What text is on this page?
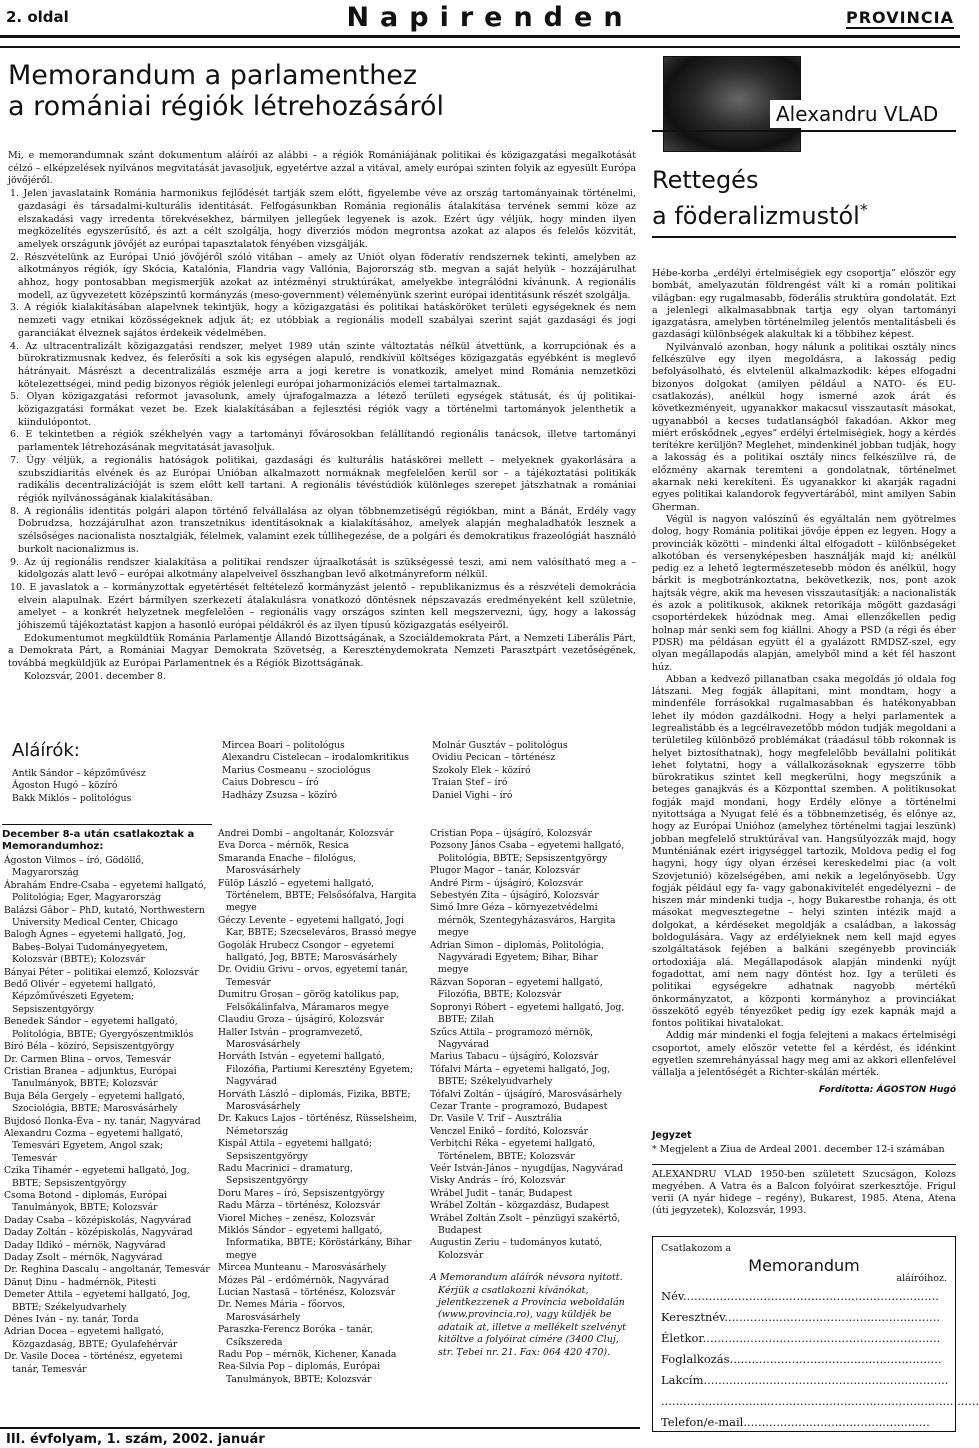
2. oldal	Napirenden	PROVINCIA
Memorandum a parlamenthez
a romániai régiók létrehozásáról	Alexandru VLAD

Mi, e memorandumnak szánt dokumentum aláírói az alábbi – a régiók Romániájának politikai és közigazgatási megalkotását célzó – elképzelések nyilvános megvitatását javasoljuk, egyetértve azzal a vitával, amely európai szinten folyik az egyesült Európa jövőjéről.

1. Jelen javaslataink Románia harmonikus fejlődését tartják szem előtt, figyelembe véve az ország tartományainak történelmi, gazdasági és társadalmi-kulturális identitását. Felfogásunkban Románia regionális átalakítása tervének semmi köze az elszakadási vagy irredenta törekvésekhez, bármilyen jellegűek legyenek is azok. Ezért úgy véljük, hogy minden ilyen megközelítés egyszerűsítő, és azt a célt szolgálja, hogy diverziós módon megrontsa azokat az alapos és felelős közvitát, amelyek országunk jövőjét az európai tapasztalatok fényében vizsgálják.

2. Részvételünk az Európai Unió jövőjéről szóló vitában – amely az Uniót olyan föderatív rendszernek tekinti, amelyben az alkotmányos régiók, így Skócia, Katalónia, Flandria vagy Vallónia, Bajorország stb. megvan a saját helyük – hozzájárulhat ahhoz, hogy pontosabban megismerjük azokat az intézményi struktúrákat, amelyekbe integrálódni kívánunk. A regionális modell, az ügyvezetett középszintű kormányzás (meso-government) véleményünk szerint európai identitásunk részét szolgálja.

3. A régiók kialakításában alapelvnek tekintjük, hogy a közigazgatási és politikai hatásköröket területi egységeknek és nem nemzeti vagy etnikai közösségeknek adjuk át; ez utóbbiak a regionális modell szabályai szerint saját gazdasági és jogi garanciákat élveznek sajátos érdekeik védelmében.

4. Az ultracentralizált közigazgatási rendszer, melyet 1989 után szinte változtatás nélkül átvettünk, a korrupciónak és a bürokratizmusnak kedvez, és felerősíti a sok kis egységen alapuló, rendkívül költséges közigazgatás egyébként is meglevő hátrányait. Másrészt a decentralizálás eszméje arra a jogi keretre is vonatkozik, amelyet mind Románia nemzetközi kötelezettségei, mind pedig bizonyos régiók jelenlegi európai joharmonizációs elemei tartalmaznak.

5. Olyan közigazgatási reformot javasolunk, amely újrafogalmazza a létező területi egységek státusát, és új politikai-közigazgatási formákat vezet be. Ezek kialakításában a fejlesztési régiók vagy a történelmi tartományok jelenthetik a kiindulópontot.

6. E tekintetben a régiók székhelyén vagy a tartományi fővárosokban felállítandó regionális tanácsok, illetve tartományi parlamentek létrehozásának megvitatását javasoljuk.

7. Úgy véljük, a regionális hatóságok politikai, gazdasági és kulturális hatáskörei mellett – melyeknek gyakorlására a szubszidiaritás elvének és az Európai Unióban alkalmazott normáknak megfelelően kerül sor – a tájékoztatási politikák radikális decentralizációját is szem előtt kell tartani. A regionális tévéstúdiók különleges szerepet játszhatnak a romániai régiók nyilvánosságának kialakításában.

8. A regionális identitás polgári alapon történő felvállalása az olyan többnemzetiségű régiókban, mint a Bánát, Erdély vagy Dobrudzsa, hozzájárulhat azon transzetnikus identitásoknak a kialakításához, amelyek alapján meghaladhatók lesznek a szélsőséges nacionalista nosztalgiák, félelmek, valamint ezek túllihegezése, de a polgári és demokratikus frazeológiát használó burkolt nacionalizmus is.

9. Az új regionális rendszer kialakítása a politikai rendszer újraalkotását is szükségessé teszi, ami nem valósítható meg a – kidolgozás alatt levő – európai alkotmány alapelveivel összhangban levő alkotmányreform nélkül.

10. E javaslatok a – kormányzottak egyetértését feltételező kormányzást jelentő – republikanizmus és a részvételi demokrácia elvein alapulnak. Ezért bármilyen szerkezeti átalakulásra vonatkozó döntésnek népszavazás eredményeként kell születnie, amelyet – a konkrét helyzetnek megfelelően – regionális vagy országos szinten kell megszervezni, úgy, hogy a lakosság jóhiszemű tájékoztatást kapjon a hasonló európai példákról és az ilyen típusú közigazgatás esélyeiről.

Edokumentumot megküldtük Románia Parlamentje Állandó Bizottságának, a Szociáldemokrata Párt, a Nemzeti Liberális Párt, a Demokrata Párt, a Romániai Magyar Demokrata Szövetség, a Kereszténydemokrata Nemzeti Parasztpárt vezetőségének, továbbá megküldjük az Európai Parlamentnek és a Régiók Bizottságának.

Kolozsvár, 2001. december 8.

Rettegés
a föderalizmustól*

Hébe-korba „erdélyi értelmiségiek egy csoportja” először egy bombát, amelyazután földrengést vált ki a román politikai világban: egy rugalmasabb, föderális struktúra gondolatát. Ezt a jelenlegi alkalmasabbnak tartja egy olyan tartományi igazgatásra, amelyben történelmileg jelentős mentalitásbeli és gazdasági különbségek alakultak ki a többihez képest.

Nyilvánvaló azonban, hogy nálunk a politikai osztály nincs felkészülve egy ilyen megoldásra, a lakosság pedig befolyásolható, és elvtelenül alkalmazkodik: képes elfogadni bizonyos dolgokat (amilyen például a NATO- és EU-csatlakozás), anélkül hogy ismerné azok árát és következményeit, ugyanakkor makacsul visszautasít másokat, ugyanabból a kecses tudatlanságból fakadóan. Akkor meg miért erőskődnek „egyes” erdélyi értelmiségiek, hogy a kérdés terítékre kerüljön? Meglehet, mindenkinél jobban tudják, hogy a lakosság és a politikai osztály nincs felkészülve rá, de előzmény akarnak teremteni a gondolatnak, történelmet akarnak neki kerekíteni. És ugyanakkor ki akarják ragadni egyes politikai kalandorok fegyvertárából, mint amilyen Sabin Gherman.

Végül is nagyon valószínű és egyáltalán nem gyötrelmes dolog, hogy Románia politikai jövője éppen ez legyen. Hogy a provinciák közötti – mindenki által elfogadott – különbségeket alkotóban és versenyképesben használják majd ki; anélkül pedig ez a lehető legtermészetesebb módon és anélkül, hogy bárkit is megbotránkoztatna, bekövetkezik, nos, pont azok hajtsák végre, akik ma hevesen visszautasítják: a nacionalisták és azok a politikusok, akiknek retorikája mögött gazdasági csoportérdekek húzódnak meg. Amai ellenzőkellen pedig holnap már senki sem fog kiállni. Ahogy a PSD (a régi és éber PDSR) ma példásan együtt él a gyalázott RMDSZ-szel, egy olyan megállapodás alapján, amelyből mind a két fél haszont húz.

Abban a kedvező pillanatban csaka megoldás jó oldala fog látszani. Meg fogják állapítani, mint mondtam, hogy a mindenféle forrásokkal rugalmasabban és hatékonyabban lehet ily módon gazdálkodni. Hogy a helyi parlamentek a legrealistább és a legcélravezetőbb módon tudják megoldani a területileg különböző problémákat (ráadásul több rokonnak is helyet biztosíthatnak), hogy megfelelőbb bevállalni politikát lehet folytatni, hogy a vállalkozásoknak egyszerre több bürokratikus szintet kell megkerülni, hogy megszűnik a beteges ganajkvás és a Központtal szemben. A politikusokat fogják majd mondani, hogy Erdély elönye a történelmi nyitottsága a Nyugat felé és a többnemzetiség, és előnye az, hogy az Európai Unióhoz (amelyhez történelmi tagjai leszünk) jobban megfelelő struktúrával van. Hangsúlyozzák majd, hogy Munténiának ezért irigységgel tartozik, Moldova pedig el fog hagyni, hogy úgy olyan érzései kereskedelmi piac (a volt Szovjetunió) közelségében, ami nekik a legelőnyösebb. Úgy fogják például egy fa- vagy gabonakivitelét engedélyezni – de hiszen már mindenki tudja –, hogy Bukarestbe rohanja, és ott másokat megvesztegetne – helyi szinten intézik majd a dolgokat, a kérdéseket megoldják a családban, a lakosság boldogulására. Vagy az erdélyieknek nem kell majd egyes szolgáltatások fejében a balkáni szegényebb provinciák ortodoxiája alá. Megállapodások alapján mindenki nyújt fogadottat, ami nem nagy döntést hoz. Igy a területi és politikai egységekre adhatnak nagyobb mértékű önkormányzatot, a központi kormányhoz a provinciákat összekötő egyéb tényezőket pedig így ezek kapnák majd a fontos politikai hivatalokat.

Addig már mindenki el fogja felejteni a makacs értelmiségi csoportot, amely először vetette fel a kérdést, és idénkint egyetlen szemrehányással hagy meg ami az akkori ellenfelével vállalja a jelentőségét a Richter-skálán mérték.

Fordította: ÁGOSTON Hugó
Jegyzet
* Megjelent a Ziua de Ardeal 2001. december 12-i számában
ALEXANDRU VLAD 1950-ben született Szucságon, Kolozs megyében. A Vatra és a Balcon folyóirat szerkesztője. Frigul verii (A nyár hidege – regény), Bukarest, 1985. Atena, Atena (úti jegyzetek), Kolozsvár, 1993.
Csatlakozom a
Memorandum
aláíróihoz.
Név......................................................................
Keresztnév...........................................................
Életkor.................................................................
Foglalkozás..........................................................
Lakcím...................................................................
.......................................................................................
Telefon/e-mail...................................................
Aláírók:
Antik Sándor – képzőművész
Ágoston Hugó – közíró
Bakk Miklós – politológus
Mircea Boari – politológus
Alexandru Cistelecan – irodalomkritikus
Marius Cosmeanu – szociológus
Caius Dobrescu – író
Hadházy Zsuzsa – közíró
Molnár Gusztáv – politológus
Ovidiu Pecican – történész
Szokoly Elek – közíró
Traian Ștef – író
Daniel Vighi – író
December 8-a után csatlakoztak a Memorandumhoz:
Ágoston Vilmos – író, Gödöllő, Magyarország
Ábrahám Endre-Csaba – egyetemi hallgató, Politológia; Eger, Magyarország
Balázsi Gábor – PhD, kutató, Northwestern University Medical Center, Chicago
Balogh Ágnes – egyetemi hallgató, Jog, Babeș–Bolyai Tudományegyetem, Kolozsvár (BBTE); Kolozsvár
Bányai Péter – politikai elemző, Kolozsvár
Bedő Olivér – egyetemi hallgató, Képzőművészeti Egyetem; Sepsiszentgyörgy
Benedek Sándor – egyetemi hallgató, Politológia, BBTE; Gyergyószentmiklós
Bíró Béla – közíró, Sepsiszentgyörgy
Dr. Carmen Blina – orvos, Temesvár
Cristian Branea – adjunktus, Európai Tanulmányok, BBTE; Kolozsvár
Buja Béla Gergely – egyetemi hallgató, Szociológia, BBTE; Marosvásárhely
Bujdosó Ilonka-Éva – ny. tanár, Nagyvárad
Alexandru Cozma – egyetemi hallgató, Temesvári Egyetem, Angol szak; Temesvár
Czika Tihamér – egyetemi hallgató, Jog, BBTE; Sepsiszentgyörgy
Csoma Botond – diplomás, Európai Tanulmányok, BBTE; Kolozsvár
Daday Csaba – középiskolás, Nagyvárad
Daday Zoltán – középiskolás, Nagyvárad
Daday Ildikó – mérnök, Nagyvárad
Daday Zsolt – mérnök, Nagyvárad
Dr. Reghina Dascalu – angoltanár, Temesvár
Dănuț Dinu – hadmérnök, Pitești
Demeter Attila – egyetemi hallgató, Jog, BBTE; Székelyudvarhely
Dénes Iván – ny. tanár, Torda
Adrian Docea – egyetemi hallgató, Közgazdaság, BBTE; Gyulafehérvár
Dr. Vasile Docea – történész, egyetemi tanár, Temesvár
Andrei Dombi – angoltanár, Kolozsvár
Eva Dorca – mérnök, Resica
Smaranda Enache – filológus, Marosvásárhely
Fülöp László – egyetemi hallgató, Történelem, BBTE; Felsősófalva, Hargita megye
Géczy Levente – egyetemi hallgató, Jogi Kar, BBTE; Szecseleváros, Brassó megye
Gogolák Hrubecz Csongor – egyetemi hallgató, Jog, BBTE; Marosvásárhely
Dr. Ovidiu Grivu – orvos, egyetemi tanár, Temesvár
Dumitru Groșan – görög katolikus pap, Felsőkálinfalva, Máramaros megye
Claudiu Groza – újságíró, Kolozsvár
Haller István – programvezető, Marosvásárhely
Horváth István – egyetemi hallgató, Filozófia, Partiumi Keresztény Egyetem; Nagyvárad
Horváth László – diplomás, Fizika, BBTE; Marosvásárhely
Dr. Kakucs Lajos – történész, Rüsselsheim, Németország
Kispál Attila – egyetemi hallgató; Sepsiszentgyörgy
Radu Macrinici – dramaturg, Sepsiszentgyörgy
Doru Mareș – író, Sepsiszentgyörgy
Radu Mârza – történész, Kolozsvár
Viorel Micheș – zenész, Kolozsvár
Miklós Sándor – egyetemi hallgató, Informatika, BBTE; Köröstárkány, Bihar megye
Mircea Munteanu – Marosvásárhely
Mózes Pál – erdőmérnök, Nagyvárad
Lucian Nastasă – történész, Kolozsvár
Dr. Nemes Mária – főorvos, Marosvásárhely
Paraszka-Ferencz Boróka – tanár, Csíkszereda
Radu Pop – mérnök, Kichener, Kanada
Rea-Silvia Pop – diplomás, Európai Tanulmányok, BBTE; Kolozsvár
Cristian Popa – újságíró, Kolozsvár
Pozsony János Csaba – egyetemi hallgató, Politológia, BBTE; Sepsiszentgyörgy
Plugor Magor – tanár, Kolozsvár
André Pirm – újságíró, Kolozsvár
Sebestyén Zita – újságíró, Kolozsvár
Simó Imre Géza – környezetvédelmi mérnök, Szentegyházasváros, Hargita megye
Adrian Simon – diplomás, Politológia, Nagyváradi Egyetem; Bihar, Bihar megye
Răzvan Soporan – egyetemi hallgató, Filozófia, BBTE; Kolozsvár
Sopronyi Róbert – egyetemi hallgató, Jog, BBTE; Zilah
Szűcs Attila – programozó mérnök, Nagyvárad
Marius Tabacu – újságíró, Kolozsvár
Tófalvi Márta – egyetemi hallgató, Jog, BBTE; Székelyudvarhely
Tófalvi Zoltán – újságíró, Marosvásárhely
Cezar Trante – programozó, Budapest
Dr. Vasile V. Trif – Ausztrália
Venczel Enikő – fordító, Kolozsvár
Verbițchi Réka – egyetemi hallgató, Történelem, BBTE; Kolozsvár
Veér István-János – nyugdíjas, Nagyvárad
Visky András – író, Kolozsvár
Wrábel Judit – tanár, Budapest
Wrábel Zoltán – közgazdász, Budapest
Wrábel Zoltán Zsolt – pénzügyi szakértő, Budapest
Augustin Zeriu – tudományos kutató, Kolozsvár
A Memorandum aláírók névsora nyitott. Kérjük a csatlakozni kívánókat, jelentkezzenek a Provincia weboldalán (www.provincia.ro), vagy küldjék be adataik at, illetve a mellékelt szelvényt kitöltve a folyóirat címére (3400 Cluj, str. Țebei nr. 21. Fax: 064 420 470).
III. évfolyam, 1. szám, 2002. január
